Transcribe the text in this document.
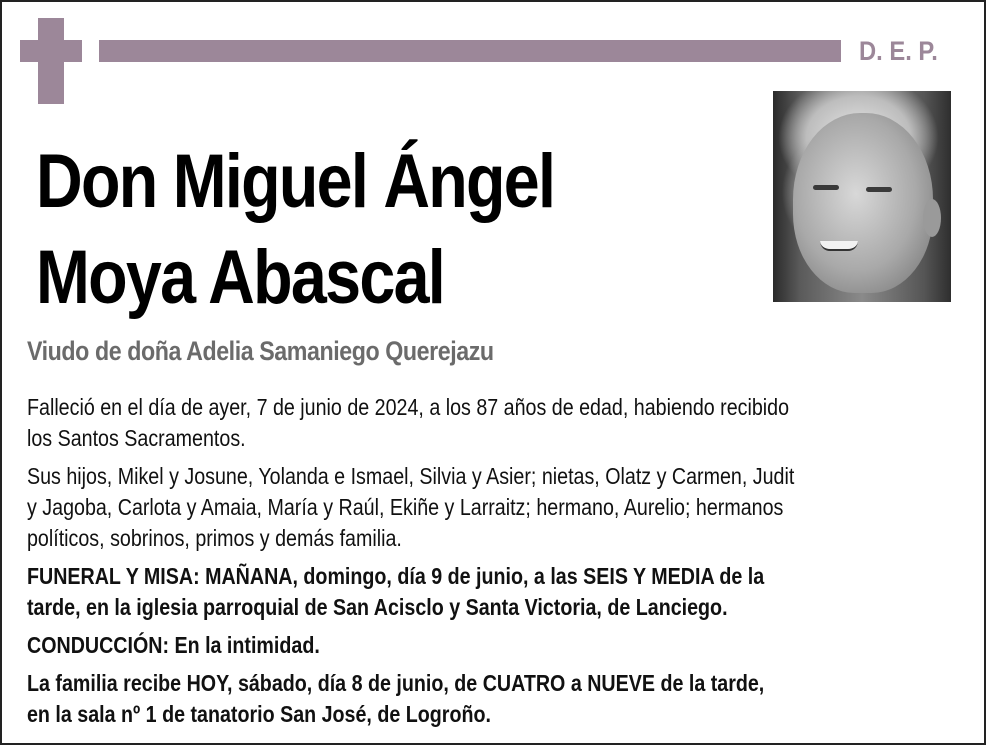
D. E. P.
Don Miguel Ángel
Moya Abascal
Viudo de doña Adelia Samaniego Querejazu

Falleció en el día de ayer, 7 de junio de 2024, a los 87 años de edad, habiendo recibido
los Santos Sacramentos.

Sus hijos, Mikel y Josune, Yolanda e Ismael, Silvia y Asier; nietas, Olatz y Carmen, Judit
y Jagoba, Carlota y Amaia, María y Raúl, Ekiñe y Larraitz; hermano, Aurelio; hermanos
políticos, sobrinos, primos y demás familia.

FUNERAL Y MISA: MAÑANA, domingo, día 9 de junio, a las SEIS Y MEDIA de la
tarde, en la iglesia parroquial de San Acisclo y Santa Victoria, de Lanciego.

CONDUCCIÓN: En la intimidad.

La familia recibe HOY, sábado, día 8 de junio, de CUATRO a NUEVE de la tarde,
en la sala nº 1 de tanatorio San José, de Logroño.
